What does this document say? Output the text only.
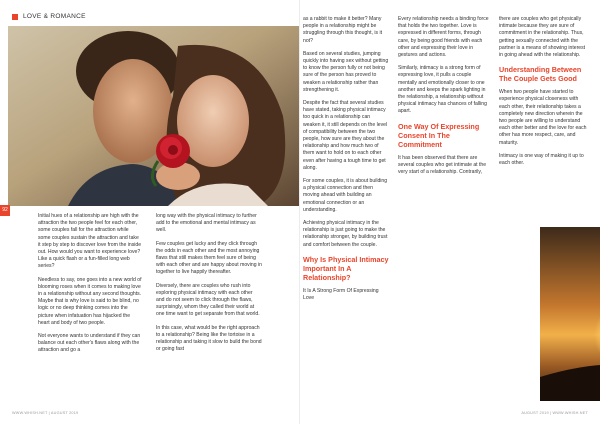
LOVE & ROMANCE
92

Initial hues of a relationship are high with the attraction the two people feel for each other, some couples fall for the attraction while some couples sustain the attraction and take it step by step to discover love from the inside out. How would you want to experience love? Like a quick flash or a fun-filled long web series?

Needless to say, one goes into a new world of blooming roses when it comes to making love in a relationship without any second thoughts. Maybe that is why love is said to be blind, no logic or no deep thinking comes into the picture when infatuation has hijacked the heart and body of two people.

Not everyone wants to understand if they can balance out each other's flaws along with the attraction and go a

long way with the physical intimacy to further add to the emotional and mental intimacy as well.

Few couples get lucky and they click through the odds in each other and the most annoying flaws that still makes them feel sure of being with each other and are happy about moving in together to live happily thereafter.

Diversely, there are couples who rush into exploring physical intimacy with each other and do not seem to click through the flaws, surprisingly, whom they called their world at one time want to get separate from that world.

In this case, what would be the right approach to a relationship? Being like the tortoise in a relationship and taking it slow to build the bond or going fast

WWW.WHISH.NET | AUGUST 2019

as a rabbit to make it better? Many people in a relationship might be struggling through this thought, is it not?

Based on several studies, jumping quickly into having sex without getting to know the person fully or not being sure of the person has proved to weaken a relationship rather than strengthening it.

Despite the fact that several studies have stated, taking physical intimacy too quick in a relationship can weaken it, it still depends on the level of compatibility between the two people, how sure are they about the relationship and how much two of them want to hold on to each other even after having a tough time to get along.

For some couples, it is about building a physical connection and then moving ahead with building an emotional connection or an understanding.

Achieving physical intimacy in the relationship is just going to make the relationship stronger, by building trust and comfort between the couple.

Why Is Physical Intimacy Important In A Relationship?

It Is A Strong Form Of Expressing Love

Every relationship needs a binding force that holds the two together. Love is expressed in different forms, through care, by being good friends with each other and expressing their love in gestures and actions.

Similarly, intimacy is a strong form of expressing love, it pulls a couple mentally and emotionally closer to one another and keeps the spark lighting in the relationship, a relationship without physical intimacy has chances of falling apart.

One Way Of Expressing Consent In The Commitment

It has been observed that there are several couples who get intimate at the very start of a relationship. Contrarily,

there are couples who get physically intimate because they are sure of commitment in the relationship. Thus, getting sexually connected with the partner is a means of showing interest in going ahead with the relationship.

Understanding Between The Couple Gets Good

When two people have started to experience physical closeness with each other, their relationship takes a completely new direction wherein the two people are willing to understand each other better and the love for each other has more respect, care, and maturity.

Intimacy is one way of making it up to each other.

AUGUST 2019 | WWW.WHISH.NET
